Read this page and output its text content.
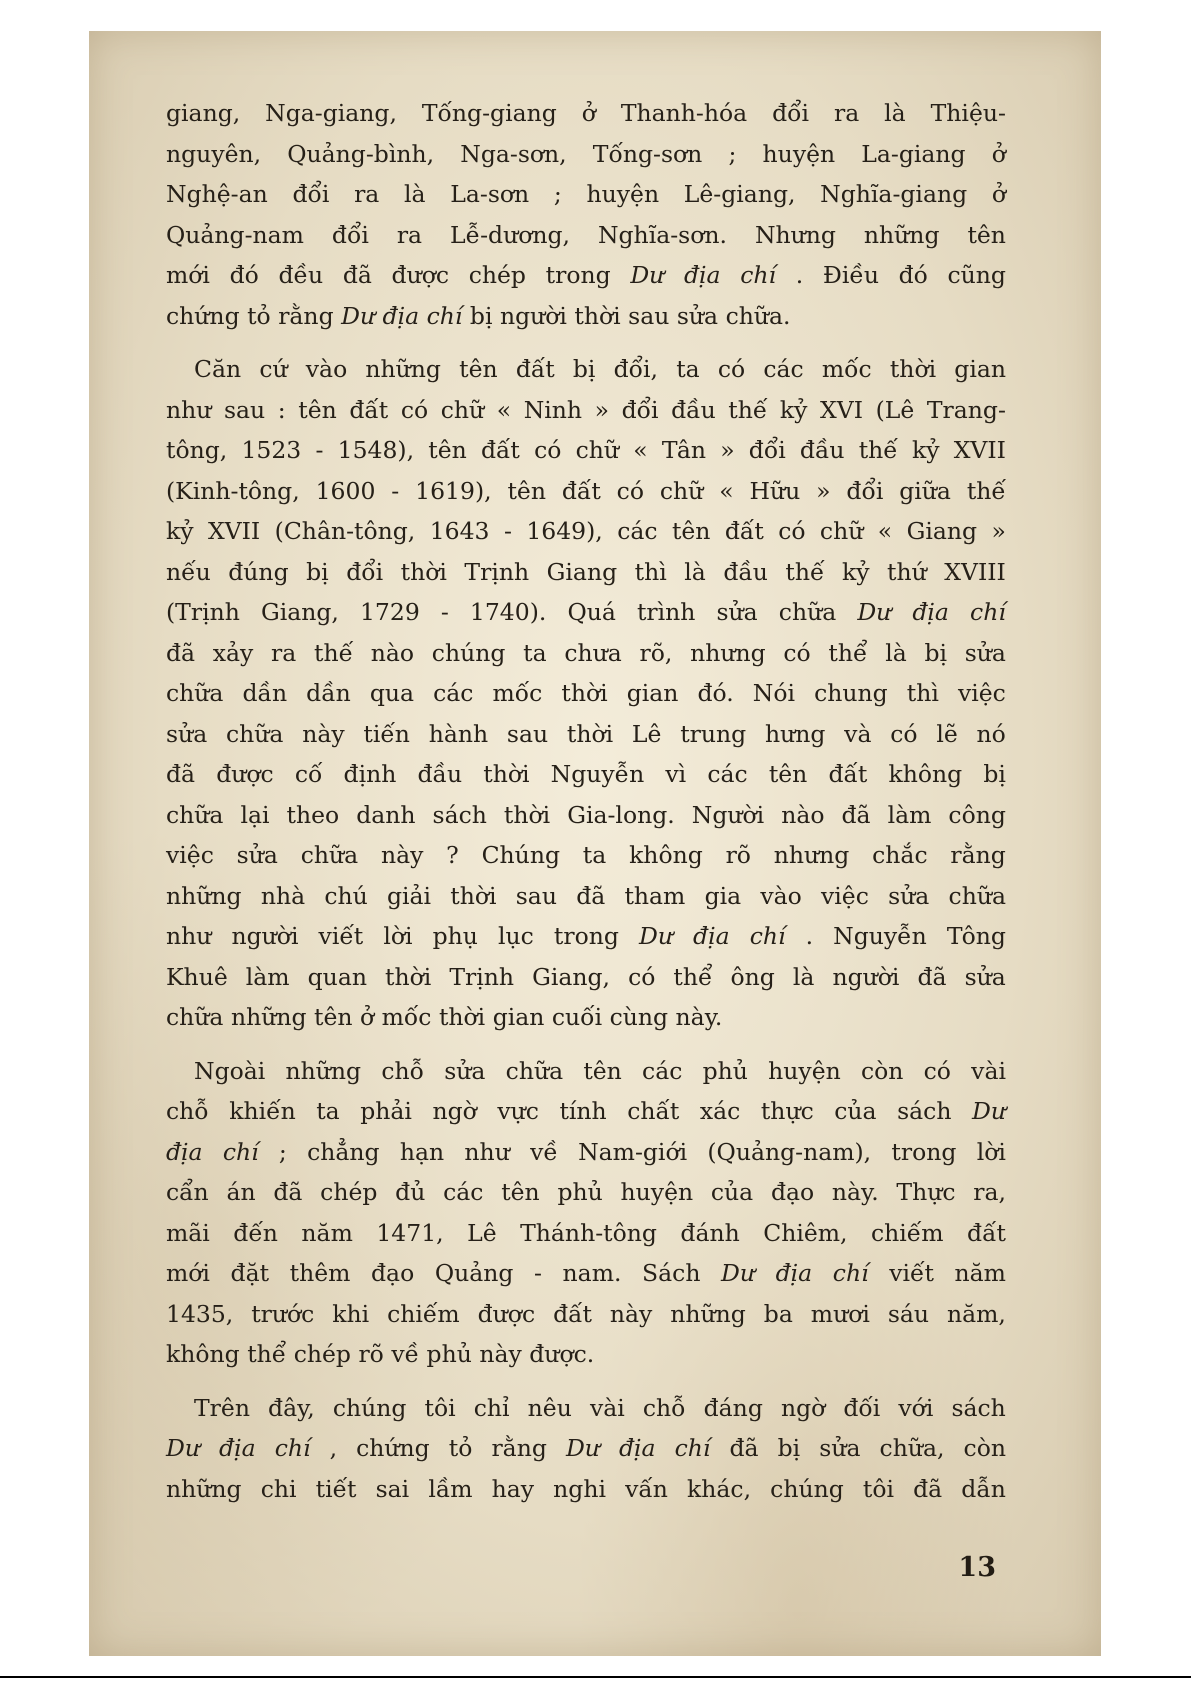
giang, Nga-giang, Tống-giang ở Thanh-hóa đổi ra là Thiệu-
nguyên, Quảng-bình, Nga-sơn, Tống-sơn ; huyện La-giang ở
Nghệ-an đổi ra là La-sơn ; huyện Lê-giang, Nghĩa-giang ở
Quảng-nam đổi ra Lễ-dương, Nghĩa-sơn. Nhưng những tên
mới đó đều đã được chép trong Dư địa chí . Điều đó cũng
chứng
tỏ
rằng
Dư địa chí
bị
người
thời
sau
sửa
chữa.
Căn cứ vào những tên đất bị đổi, ta có các mốc thời gian
như sau : tên đất có chữ « Ninh » đổi đầu thế kỷ XVI (Lê Trang-
tông, 1523 - 1548), tên đất có chữ « Tân » đổi đầu thế kỷ XVII
(Kinh-tông, 1600 - 1619), tên đất có chữ « Hữu » đổi giữa thế
kỷ XVII (Chân-tông, 1643 - 1649), các tên đất có chữ « Giang »
nếu đúng bị đổi thời Trịnh Giang thì là đầu thế kỷ thứ XVIII
(Trịnh Giang, 1729 - 1740). Quá trình sửa chữa Dư địa chí
đã xảy ra thế nào chúng ta chưa rõ, nhưng có thể là bị sửa
chữa dần dần qua các mốc thời gian đó. Nói chung thì việc
sửa chữa này tiến hành sau thời Lê trung hưng và có lẽ nó
đã được cố định đầu thời Nguyễn vì các tên đất không bị
chữa lại theo danh sách thời Gia-long. Người nào đã làm công
việc sửa chữa này ? Chúng ta không rõ nhưng chắc rằng
những nhà chú giải thời sau đã tham gia vào việc sửa chữa
như người viết lời phụ lục trong Dư địa chí . Nguyễn Tông
Khuê làm quan thời Trịnh Giang, có thể ông là người đã sửa
chữa
những
tên
ở
mốc
thời
gian
cuối
cùng
này.
Ngoài những chỗ sửa chữa tên các phủ huyện còn có vài
chỗ khiến ta phải ngờ vực tính chất xác thực của sách Dư
địa chí ; chẳng hạn như về Nam-giới (Quảng-nam), trong lời
cẩn án đã chép đủ các tên phủ huyện của đạo này. Thực ra,
mãi đến năm 1471, Lê Thánh-tông đánh Chiêm, chiếm đất
mới đặt thêm đạo Quảng - nam. Sách Dư địa chí viết năm
1435, trước khi chiếm được đất này những ba mươi sáu năm,
không
thể
chép
rõ
về
phủ
này
được.
Trên đây, chúng tôi chỉ nêu vài chỗ đáng ngờ đối với sách
Dư địa chí , chứng tỏ rằng Dư địa chí đã bị sửa chữa, còn
những chi tiết sai lầm hay nghi vấn khác, chúng tôi đã dẫn
13
